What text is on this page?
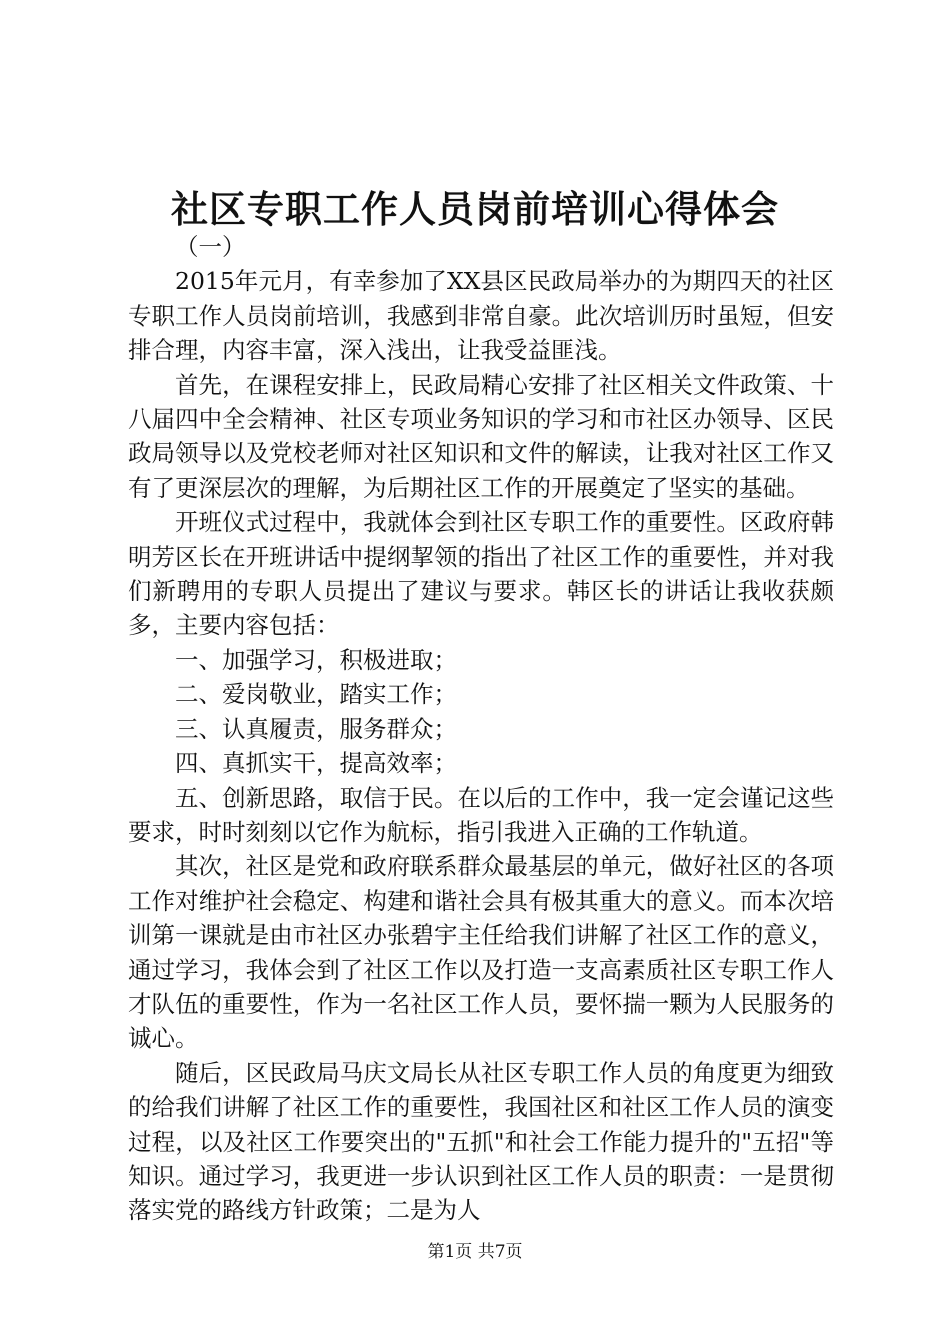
社区专职工作人员岗前培训心得体会

（一）

2015年元月，有幸参加了XX县区民政局举办的为期四天的社区专职工作人员岗前培训，我感到非常自豪。此次培训历时虽短，但安排合理，内容丰富，深入浅出，让我受益匪浅。

首先，在课程安排上，民政局精心安排了社区相关文件政策、十八届四中全会精神、社区专项业务知识的学习和市社区办领导、区民政局领导以及党校老师对社区知识和文件的解读，让我对社区工作又有了更深层次的理解，为后期社区工作的开展奠定了坚实的基础。

开班仪式过程中，我就体会到社区专职工作的重要性。区政府韩明芳区长在开班讲话中提纲挈领的指出了社区工作的重要性，并对我们新聘用的专职人员提出了建议与要求。韩区长的讲话让我收获颇多，主要内容包括：

一、加强学习，积极进取；

二、爱岗敬业，踏实工作；

三、认真履责，服务群众；

四、真抓实干，提高效率；

五、创新思路，取信于民。在以后的工作中，我一定会谨记这些要求，时时刻刻以它作为航标，指引我进入正确的工作轨道。

其次，社区是党和政府联系群众最基层的单元，做好社区的各项工作对维护社会稳定、构建和谐社会具有极其重大的意义。而本次培训第一课就是由市社区办张碧宇主任给我们讲解了社区工作的意义，通过学习，我体会到了社区工作以及打造一支高素质社区专职工作人才队伍的重要性，作为一名社区工作人员，要怀揣一颗为人民服务的诚心。

随后，区民政局马庆文局长从社区专职工作人员的角度更为细致的给我们讲解了社区工作的重要性，我国社区和社区工作人员的演变过程，以及社区工作要突出的"五抓"和社会工作能力提升的"五招"等知识。通过学习，我更进一步认识到社区工作人员的职责：一是贯彻落实党的路线方针政策；二是为人

第1页 共7页
